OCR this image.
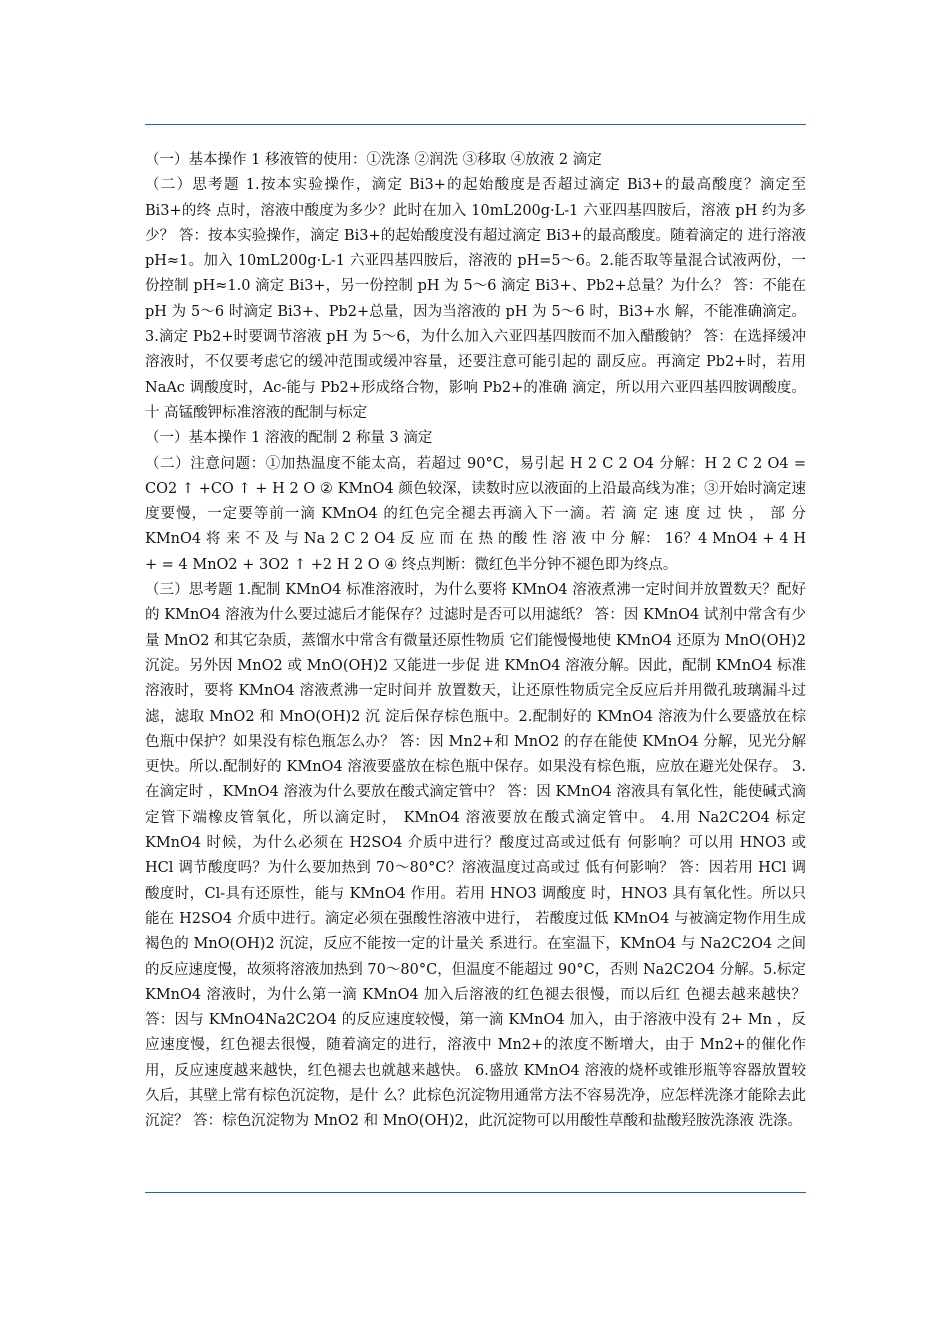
（一）基本操作 1 移液管的使用：①洗涤 ②润洗 ③移取 ④放液 2 滴定

（二）思考题 1.按本实验操作，滴定 Bi3+的起始酸度是否超过滴定 Bi3+的最高酸度？滴定至 Bi3+的终 点时，溶液中酸度为多少？此时在加入 10mL200g·L-1 六亚四基四胺后，溶液 pH 约为多 少？ 答：按本实验操作，滴定 Bi3+的起始酸度没有超过滴定 Bi3+的最高酸度。随着滴定的 进行溶液 pH≈1。加入 10mL200g·L-1 六亚四基四胺后，溶液的 pH=5～6。2.能否取等量混合试液两份，一份控制 pH≈1.0 滴定 Bi3+，另一份控制 pH 为 5～6 滴定 Bi3+、Pb2+总量？为什么？ 答：不能在 pH 为 5～6 时滴定 Bi3+、Pb2+总量，因为当溶液的 pH 为 5～6 时，Bi3+水 解，不能准确滴定。3.滴定 Pb2+时要调节溶液 pH 为 5～6，为什么加入六亚四基四胺而不加入醋酸钠？ 答：在选择缓冲溶液时，不仅要考虑它的缓冲范围或缓冲容量，还要注意可能引起的 副反应。再滴定 Pb2+时，若用 NaAc 调酸度时，Ac-能与 Pb2+形成络合物，影响 Pb2+的准确 滴定，所以用六亚四基四胺调酸度。 十 高锰酸钾标准溶液的配制与标定

（一）基本操作 1 溶液的配制 2 称量 3 滴定

（二）注意问题：①加热温度不能太高，若超过 90°C，易引起 H 2 C 2 O4 分解：H 2 C 2 O4 = CO2 ↑ +CO ↑ + H 2 O ② KMnO4 颜色较深，读数时应以液面的上沿最高线为准；③开始时滴定速度要慢，一定要等前一滴 KMnO4 的红色完全褪去再滴入下一滴。若 滴 定 速 度 过 快 ， 部 分 KMnO4 将 来 不 及 与 Na 2 C 2 O4 反 应 而 在 热 的酸 性 溶 液 中 分 解： 16？4 MnO4 + 4 H + = 4 MnO2 + 3O2 ↑ +2 H 2 O ④ 终点判断：微红色半分钟不褪色即为终点。

（三）思考题 1.配制 KMnO4 标准溶液时，为什么要将 KMnO4 溶液煮沸一定时间并放置数天？配好 的 KMnO4 溶液为什么要过滤后才能保存？过滤时是否可以用滤纸？ 答：因 KMnO4 试剂中常含有少量 MnO2 和其它杂质，蒸馏水中常含有微量还原性物质 它们能慢慢地使 KMnO4 还原为 MnO(OH)2 沉淀。另外因 MnO2 或 MnO(OH)2 又能进一步促 进 KMnO4 溶液分解。因此，配制 KMnO4 标准溶液时，要将 KMnO4 溶液煮沸一定时间并 放置数天，让还原性物质完全反应后并用微孔玻璃漏斗过滤，滤取 MnO2 和 MnO(OH)2 沉 淀后保存棕色瓶中。2.配制好的 KMnO4 溶液为什么要盛放在棕色瓶中保护？如果没有棕色瓶怎么办？ 答：因 Mn2+和 MnO2 的存在能使 KMnO4 分解，见光分解更快。所以.配制好的 KMnO4 溶液要盛放在棕色瓶中保存。如果没有棕色瓶，应放在避光处保存。 3.在滴定时 ，KMnO4 溶液为什么要放在酸式滴定管中？ 答：因 KMnO4 溶液具有氧化性，能使碱式滴定管下端橡皮管氧化，所以滴定时， KMnO4 溶液要放在酸式滴定管中。 4.用 Na2C2O4 标定 KMnO4 时候，为什么必须在 H2SO4 介质中进行？酸度过高或过低有 何影响？可以用 HNO3 或 HCl 调节酸度吗？为什么要加热到 70～80°C？溶液温度过高或过 低有何影响？ 答：因若用 HCl 调酸度时，Cl-具有还原性，能与 KMnO4 作用。若用 HNO3 调酸度 时，HNO3 具有氧化性。所以只能在 H2SO4 介质中进行。滴定必须在强酸性溶液中进行， 若酸度过低 KMnO4 与被滴定物作用生成褐色的 MnO(OH)2 沉淀，反应不能按一定的计量关 系进行。在室温下，KMnO4 与 Na2C2O4 之间的反应速度慢，故须将溶液加热到 70～80°C，但温度不能超过 90°C，否则 Na2C2O4 分解。5.标定 KMnO4 溶液时，为什么第一滴 KMnO4 加入后溶液的红色褪去很慢，而以后红 色褪去越来越快？ 答：因与 KMnO4Na2C2O4 的反应速度较慢，第一滴 KMnO4 加入，由于溶液中没有 2+ Mn ，反应速度慢，红色褪去很慢，随着滴定的进行，溶液中 Mn2+的浓度不断增大，由于 Mn2+的催化作用，反应速度越来越快，红色褪去也就越来越快。 6.盛放 KMnO4 溶液的烧杯或锥形瓶等容器放置较久后，其壁上常有棕色沉淀物，是什 么？此棕色沉淀物用通常方法不容易洗净，应怎样洗涤才能除去此沉淀？ 答：棕色沉淀物为 MnO2 和 MnO(OH)2，此沉淀物可以用酸性草酸和盐酸羟胺洗涤液 洗涤。
